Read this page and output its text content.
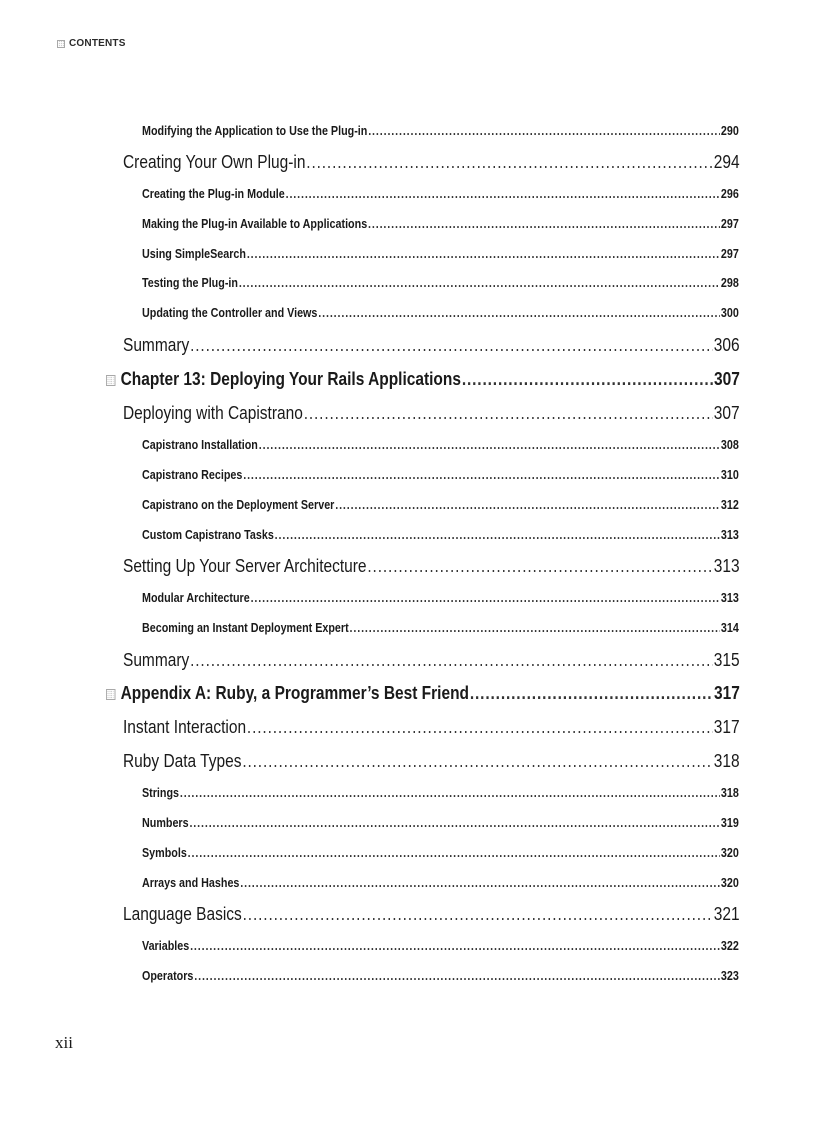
CONTENTS
Modifying the Application to Use the Plug-in .....	290
Creating Your Own Plug-in .....	294
Creating the Plug-in Module .....	296
Making the Plug-in Available to Applications .....	297
Using SimpleSearch .....	297
Testing the Plug-in .....	298
Updating the Controller and Views .....	300
Summary .....	306
Chapter 13: Deploying Your Rails Applications .....	307
Deploying with Capistrano .....	307
Capistrano Installation .....	308
Capistrano Recipes .....	310
Capistrano on the Deployment Server .....	312
Custom Capistrano Tasks .....	313
Setting Up Your Server Architecture .....	313
Modular Architecture .....	313
Becoming an Instant Deployment Expert .....	314
Summary .....	315
Appendix A: Ruby, a Programmer’s Best Friend .....	317
Instant Interaction .....	317
Ruby Data Types .....	318
Strings .....	318
Numbers .....	319
Symbols .....	320
Arrays and Hashes .....	320
Language Basics .....	321
Variables .....	322
Operators .....	323
xii
